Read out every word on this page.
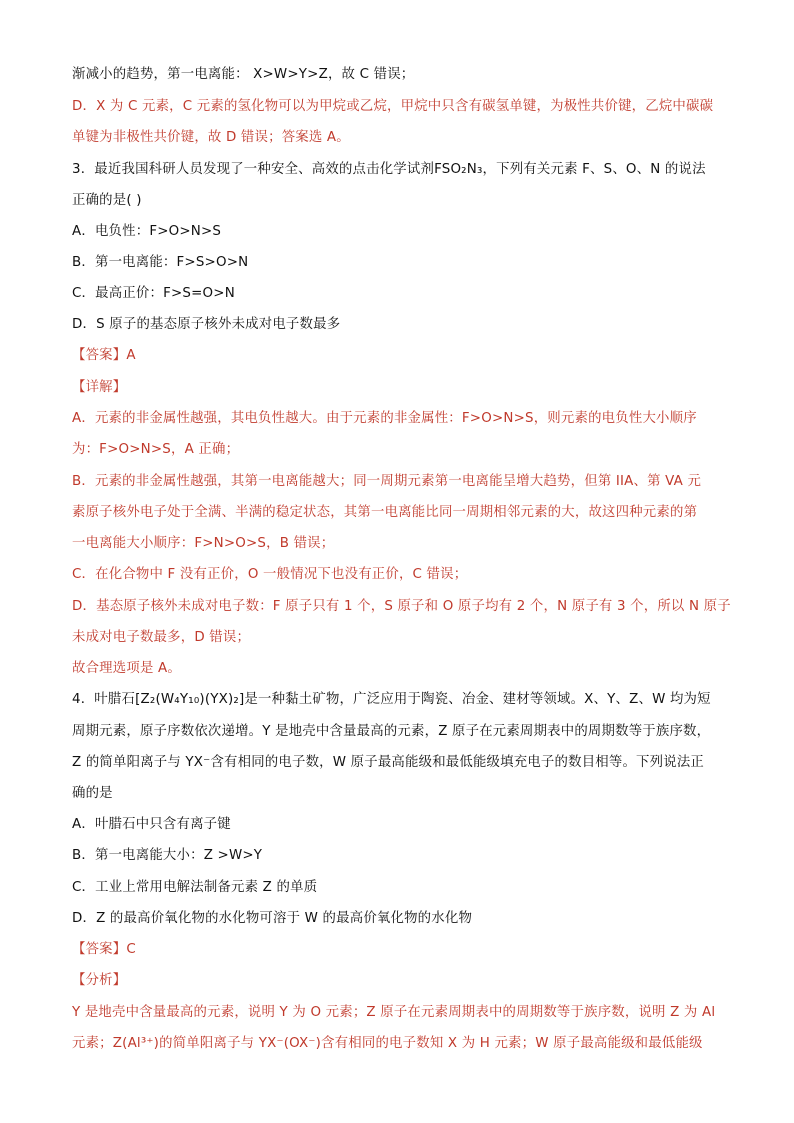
渐减小的趋势，第一电离能： X>W>Y>Z，故 C 错误；
D．X 为 C 元素，C 元素的氢化物可以为甲烷或乙烷，甲烷中只含有碳氢单键，为极性共价键，乙烷中碳碳
单键为非极性共价键，故 D 错误；答案选 A。
3．最近我国科研人员发现了一种安全、高效的点击化学试剂FSO₂N₃，下列有关元素 F、S、O、N 的说法
正确的是( )
A．电负性：F>O>N>S
B．第一电离能：F>S>O>N
C．最高正价：F>S=O>N
D．S 原子的基态原子核外未成对电子数最多
【答案】A
【详解】
A．元素的非金属性越强，其电负性越大。由于元素的非金属性：F>O>N>S，则元素的电负性大小顺序
为：F>O>N>S，A 正确；
B．元素的非金属性越强，其第一电离能越大；同一周期元素第一电离能呈增大趋势，但第 IIA、第 VA 元
素原子核外电子处于全满、半满的稳定状态，其第一电离能比同一周期相邻元素的大，故这四种元素的第
一电离能大小顺序：F>N>O>S，B 错误；
C．在化合物中 F 没有正价，O 一般情况下也没有正价，C 错误；
D．基态原子核外未成对电子数：F 原子只有 1 个，S 原子和 O 原子均有 2 个，N 原子有 3 个，所以 N 原子
未成对电子数最多，D 错误；
故合理选项是 A。
4．叶腊石[Z₂(W₄Y₁₀)(YX)₂]是一种黏土矿物，广泛应用于陶瓷、冶金、建材等领域。X、Y、Z、W 均为短
周期元素，原子序数依次递增。Y 是地壳中含量最高的元素，Z 原子在元素周期表中的周期数等于族序数，
Z 的简单阳离子与 YX⁻含有相同的电子数，W 原子最高能级和最低能级填充电子的数目相等。下列说法正
确的是
A．叶腊石中只含有离子键
B．第一电离能大小：Z >W>Y
C．工业上常用电解法制备元素 Z 的单质
D．Z 的最高价氧化物的水化物可溶于 W 的最高价氧化物的水化物
【答案】C
【分析】
Y 是地壳中含量最高的元素，说明 Y 为 O 元素；Z 原子在元素周期表中的周期数等于族序数，说明 Z 为 Al
元素；Z(Al³⁺)的简单阳离子与 YX⁻(OX⁻)含有相同的电子数知 X 为 H 元素；W 原子最高能级和最低能级
